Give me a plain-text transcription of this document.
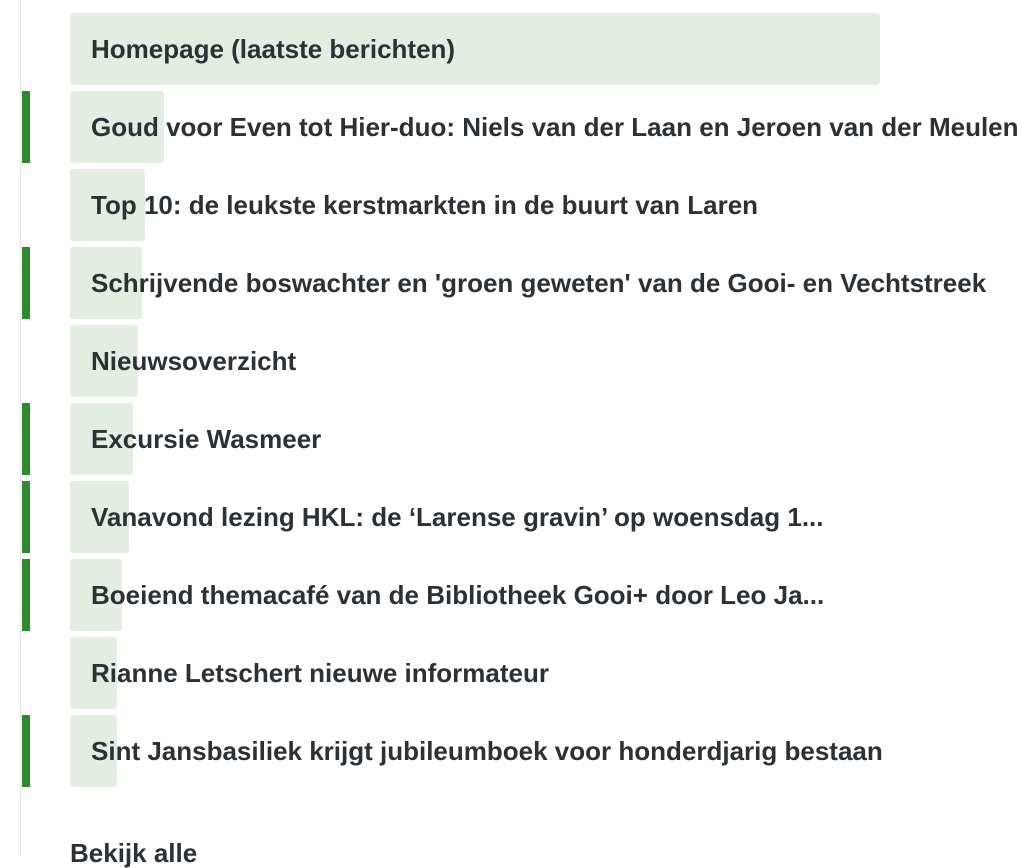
Homepage (laatste berichten)
Goud voor Even tot Hier-duo: Niels van der Laan en Jeroen van der Meulen
Top 10: de leukste kerstmarkten in de buurt van Laren
Schrijvende boswachter en 'groen geweten' van de Gooi- en Vechtstreek
Nieuwsoverzicht
Excursie Wasmeer
Vanavond lezing HKL: de ‘Larense gravin’ op woensdag 1...
Boeiend themacafé van de Bibliotheek Gooi+ door Leo Ja...
Rianne Letschert nieuwe informateur
Sint Jansbasiliek krijgt jubileumboek voor honderdjarig bestaan
Bekijk alle
